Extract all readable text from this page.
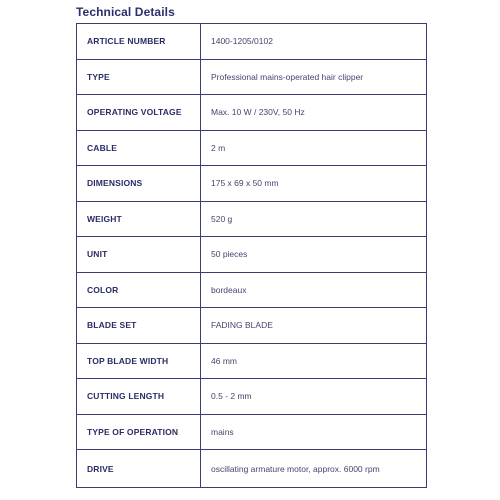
Technical Details
ARTICLE NUMBER	1400-1205/0102
TYPE	Professional mains-operated hair clipper
OPERATING VOLTAGE	Max. 10 W / 230V, 50 Hz
CABLE	2 m
DIMENSIONS	175 x 69 x 50 mm
WEIGHT	520 g
UNIT	50 pieces
COLOR	bordeaux
BLADE SET	FADING BLADE
TOP BLADE WIDTH	46 mm
CUTTING LENGTH	0.5 - 2 mm
TYPE OF OPERATION	mains
DRIVE	oscillating armature motor, approx. 6000 rpm
